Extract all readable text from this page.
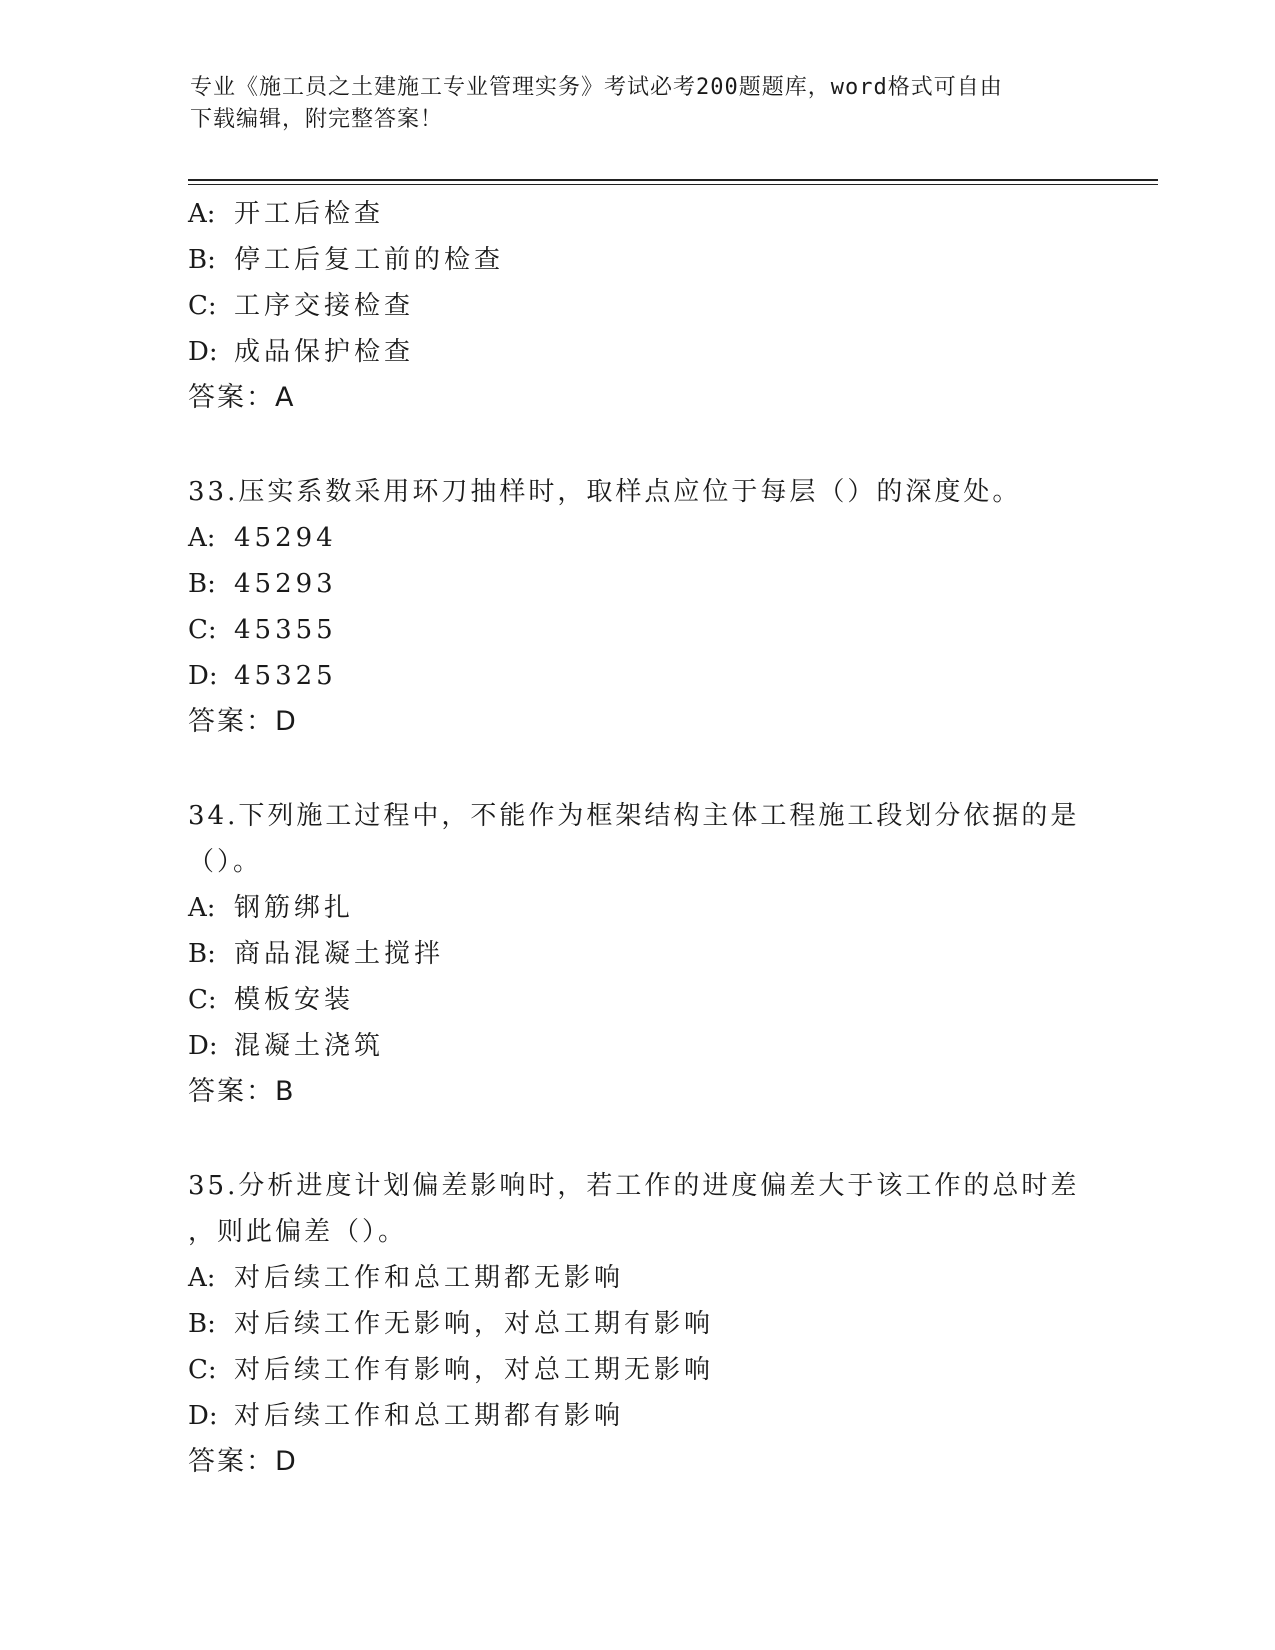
专业《施工员之土建施工专业管理实务》考试必考200题题库，word格式可自由
下载编辑，附完整答案！
A: 开工后检查
B: 停工后复工前的检查
C: 工序交接检查
D: 成品保护检查
答案：A
33.压实系数采用环刀抽样时，取样点应位于每层（）的深度处。
A: 45294
B: 45293
C: 45355
D: 45325
答案：D
34.下列施工过程中，不能作为框架结构主体工程施工段划分依据的是
（）。
A: 钢筋绑扎
B: 商品混凝土搅拌
C: 模板安装
D: 混凝土浇筑
答案：B
35.分析进度计划偏差影响时，若工作的进度偏差大于该工作的总时差
，则此偏差（）。
A: 对后续工作和总工期都无影响
B: 对后续工作无影响，对总工期有影响
C: 对后续工作有影响，对总工期无影响
D: 对后续工作和总工期都有影响
答案：D
